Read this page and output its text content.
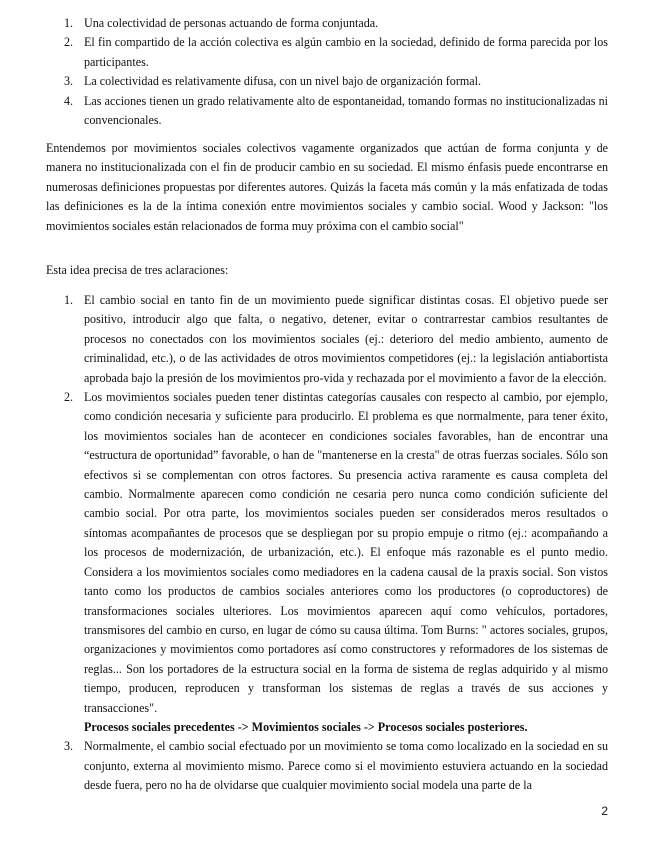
1. Una colectividad de personas actuando de forma conjuntada.
2. El fin compartido de la acción colectiva es algún cambio en la sociedad, definido de forma parecida por los participantes.
3. La colectividad es relativamente difusa, con un nivel bajo de organización formal.
4. Las acciones tienen un grado relativamente alto de espontaneidad, tomando formas no institucionalizadas ni convencionales.

Entendemos por movimientos sociales colectivos vagamente organizados que actúan de forma conjunta y de manera no institucionalizada con el fin de producir cambio en su sociedad. El mismo énfasis puede encontrarse en numerosas definiciones propuestas por diferentes autores. Quizás la faceta más común y la más enfatizada de todas las definiciones es la de la íntima conexión entre movimientos sociales y cambio social. Wood y Jackson: "los movimientos sociales están relacionados de forma muy próxima con el cambio social"

Esta idea precisa de tres aclaraciones:

1. El cambio social en tanto fin de un movimiento puede significar distintas cosas. El objetivo puede ser positivo, introducir algo que falta, o negativo, detener, evitar o contrarrestar cambios resultantes de procesos no conectados con los movimientos sociales (ej.: deterioro del medio ambiento, aumento de criminalidad, etc.), o de las actividades de otros movimientos competidores (ej.: la legislación antiabortista aprobada bajo la presión de los movimientos pro-vida y rechazada por el movimiento a favor de la elección.
2. Los movimientos sociales pueden tener distintas categorías causales con respecto al cambio, por ejemplo, como condición necesaria y suficiente para producirlo. El problema es que normalmente, para tener éxito, los movimientos sociales han de acontecer en condiciones sociales favorables, han de encontrar una “estructura de oportunidad” favorable, o han de "mantenerse en la cresta" de otras fuerzas sociales. Sólo son efectivos si se complementan con otros factores. Su presencia activa raramente es causa completa del cambio. Normalmente aparecen como condición ne cesaria pero nunca como condición suficiente del cambio social. Por otra parte, los movimientos sociales pueden ser considerados meros resultados o síntomas acompañantes de procesos que se despliegan por su propio empuje o ritmo (ej.: acompañando a los procesos de modernización, de urbanización, etc.). El enfoque más razonable es el punto medio. Considera a los movimientos sociales como mediadores en la cadena causal de la praxis social. Son vistos tanto como los productos de cambios sociales anteriores como los productores (o coproductores) de transformaciones sociales ulteriores. Los movimientos aparecen aquí como vehículos, portadores, transmisores del cambio en curso, en lugar de cómo su causa última. Tom Burns: " actores sociales, grupos, organizaciones y movimientos como portadores así como constructores y reformadores de los sistemas de reglas... Son los portadores de la estructura social en la forma de sistema de reglas adquirido y al mismo tiempo, producen, reproducen y transforman los sistemas de reglas a través de sus acciones y transacciones".
Procesos sociales precedentes -> Movimientos sociales -> Procesos sociales posteriores.
3. Normalmente, el cambio social efectuado por un movimiento se toma como localizado en la sociedad en su conjunto, externa al movimiento mismo. Parece como si el movimiento estuviera actuando en la sociedad desde fuera, pero no ha de olvidarse que cualquier movimiento social modela una parte de la
2
